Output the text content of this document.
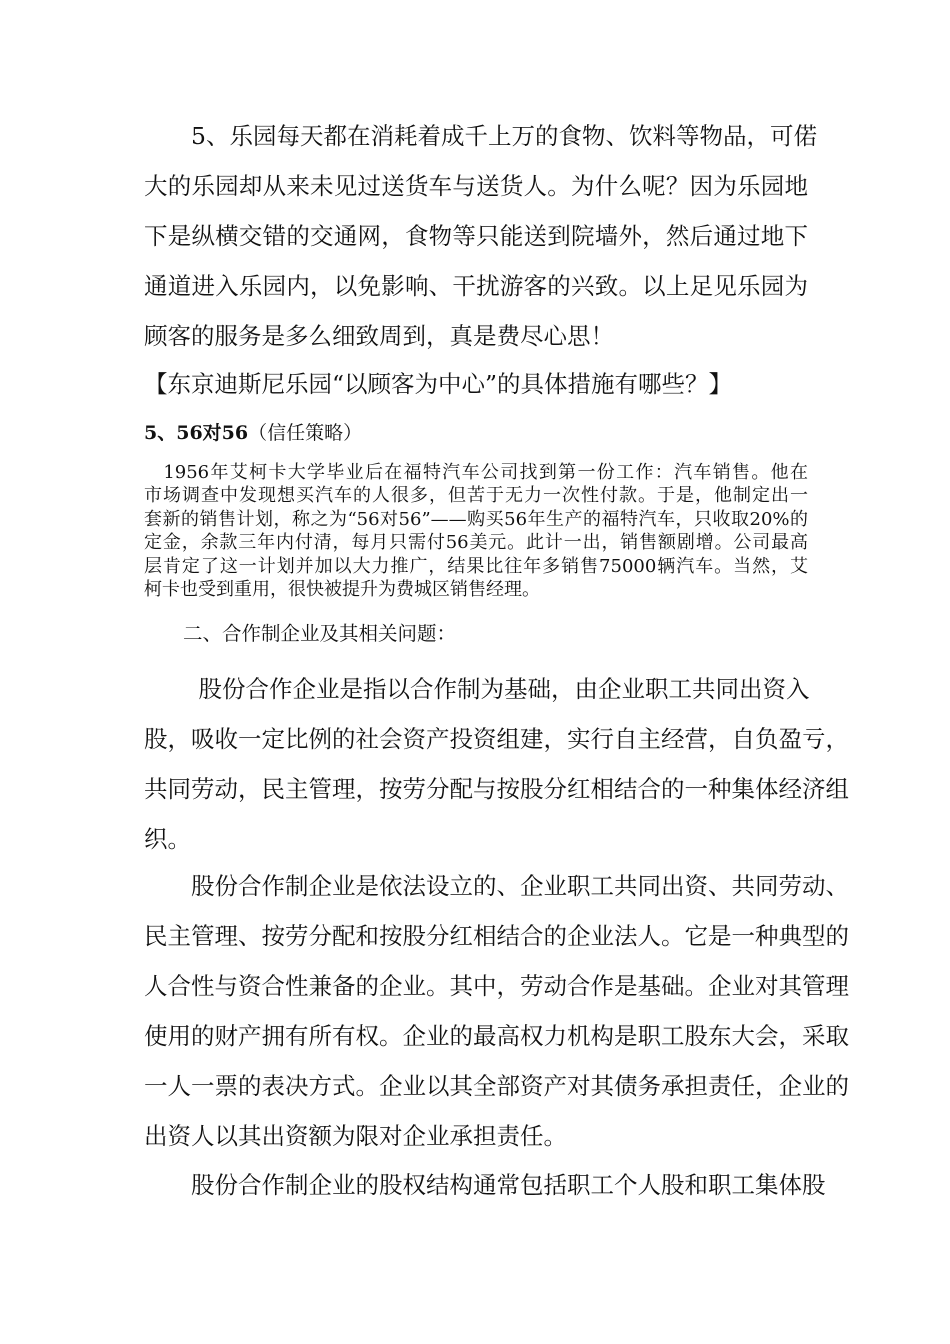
　　5、乐园每天都在消耗着成千上万的食物、饮料等物品，可偌
大的乐园却从来未见过送货车与送货人。为什么呢？因为乐园地
下是纵横交错的交通网，食物等只能送到院墙外，然后通过地下
通道进入乐园内，以免影响、干扰游客的兴致。以上足见乐园为
顾客的服务是多么细致周到，真是费尽心思！
【东京迪斯尼乐园“以顾客为中心”的具体措施有哪些？】
5、56对56（信任策略）
　1956年艾柯卡大学毕业后在福特汽车公司找到第一份工作：汽车销售。他在
市场调查中发现想买汽车的人很多，但苦于无力一次性付款。于是，他制定出一
套新的销售计划，称之为“56对56”——购买56年生产的福特汽车，只收取20%的
定金，余款三年内付清，每月只需付56美元。此计一出，销售额剧增。公司最高
层肯定了这一计划并加以大力推广，结果比往年多销售75000辆汽车。当然，艾
柯卡也受到重用，很快被提升为费城区销售经理。
　　二、合作制企业及其相关问题：
　　 股份合作企业是指以合作制为基础，由企业职工共同出资入
股，吸收一定比例的社会资产投资组建，实行自主经营，自负盈亏，
共同劳动，民主管理，按劳分配与按股分红相结合的一种集体经济组
织。
　　股份合作制企业是依法设立的、企业职工共同出资、共同劳动、
民主管理、按劳分配和按股分红相结合的企业法人。它是一种典型的
人合性与资合性兼备的企业。其中，劳动合作是基础。企业对其管理
使用的财产拥有所有权。企业的最高权力机构是职工股东大会，采取
一人一票的表决方式。企业以其全部资产对其债务承担责任，企业的
出资人以其出资额为限对企业承担责任。
　　股份合作制企业的股权结构通常包括职工个人股和职工集体股
